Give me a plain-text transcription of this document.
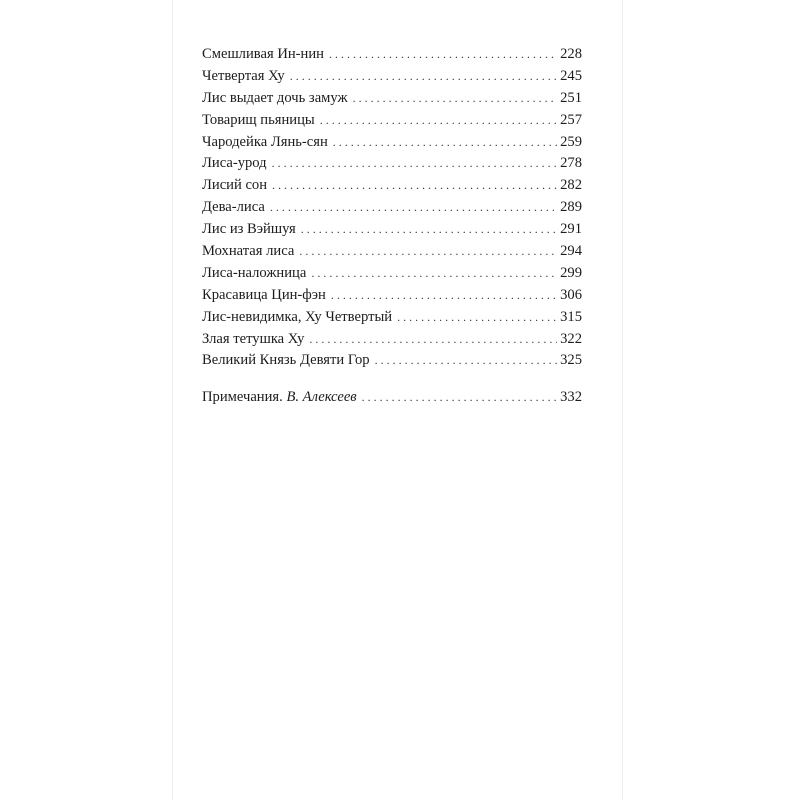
Смешливая Ин-нин . . .	228
Четвертая Ху . . .	245
Лис выдает дочь замуж . . .	251
Товарищ пьяницы . . .	257
Чародейка Лянь-сян . . .	259
Лиса-урод . . .	278
Лисий сон . . .	282
Дева-лиса . . .	289
Лис из Вэйшуя . . .	291
Мохнатая лиса . . .	294
Лиса-наложница . . .	299
Красавица Цин-фэн . . .	306
Лис-невидимка, Ху Четвертый . . .	315
Злая тетушка Ху . . .	322
Великий Князь Девяти Гор . . .	325
Примечания. В. Алексеев . . .	332
